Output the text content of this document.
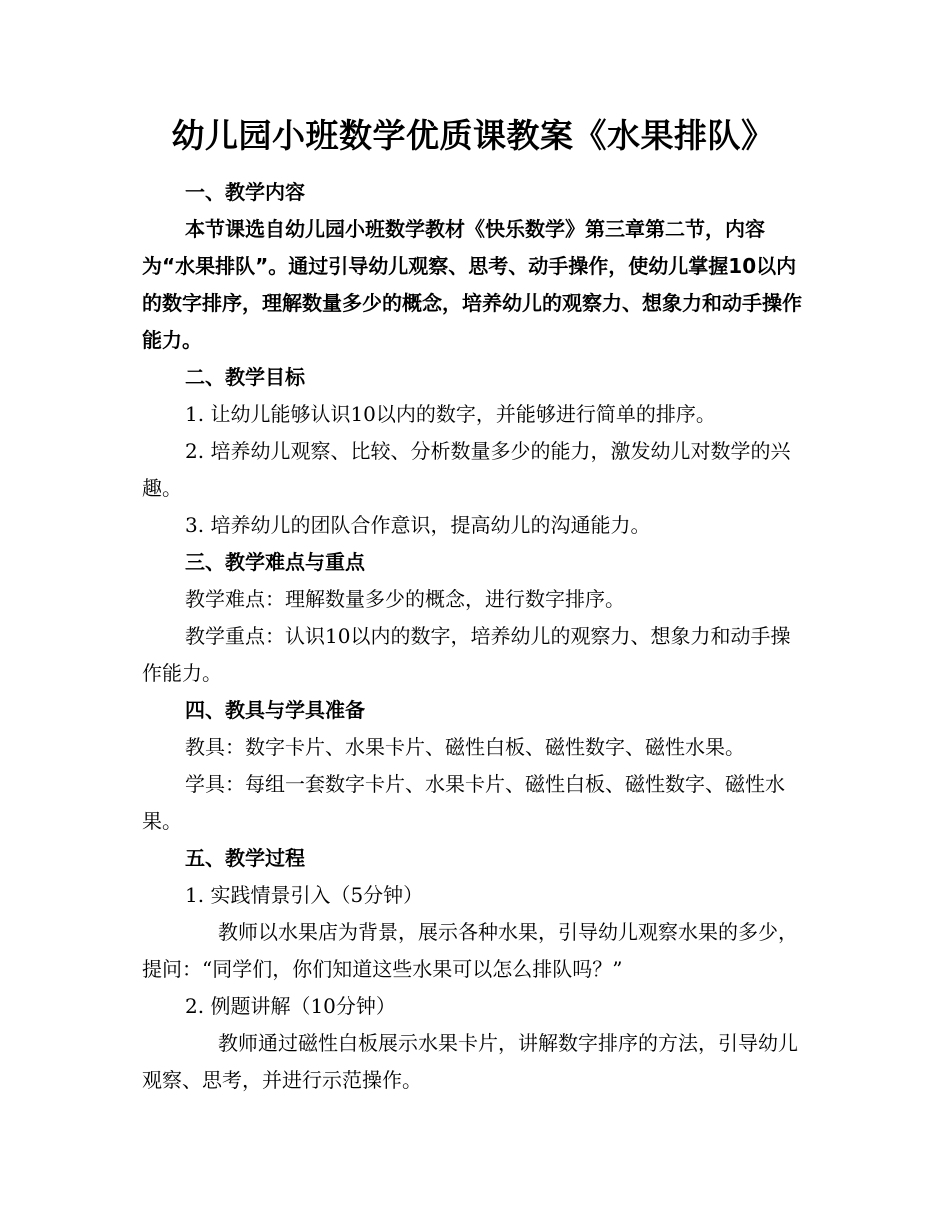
幼儿园小班数学优质课教案《水果排队》

一、教学内容

本节课选自幼儿园小班数学教材《快乐数学》第三章第二节，内容为“水果排队”。通过引导幼儿观察、思考、动手操作，使幼儿掌握10以内的数字排序，理解数量多少的概念，培养幼儿的观察力、想象力和动手操作能力。

二、教学目标

1. 让幼儿能够认识10以内的数字，并能够进行简单的排序。

2. 培养幼儿观察、比较、分析数量多少的能力，激发幼儿对数学的兴趣。

3. 培养幼儿的团队合作意识，提高幼儿的沟通能力。

三、教学难点与重点

教学难点：理解数量多少的概念，进行数字排序。

教学重点：认识10以内的数字，培养幼儿的观察力、想象力和动手操作能力。

四、教具与学具准备

教具：数字卡片、水果卡片、磁性白板、磁性数字、磁性水果。

学具：每组一套数字卡片、水果卡片、磁性白板、磁性数字、磁性水果。

五、教学过程

1. 实践情景引入（5分钟）

教师以水果店为背景，展示各种水果，引导幼儿观察水果的多少，提问：“同学们，你们知道这些水果可以怎么排队吗？”

2. 例题讲解（10分钟）

教师通过磁性白板展示水果卡片，讲解数字排序的方法，引导幼儿观察、思考，并进行示范操作。
